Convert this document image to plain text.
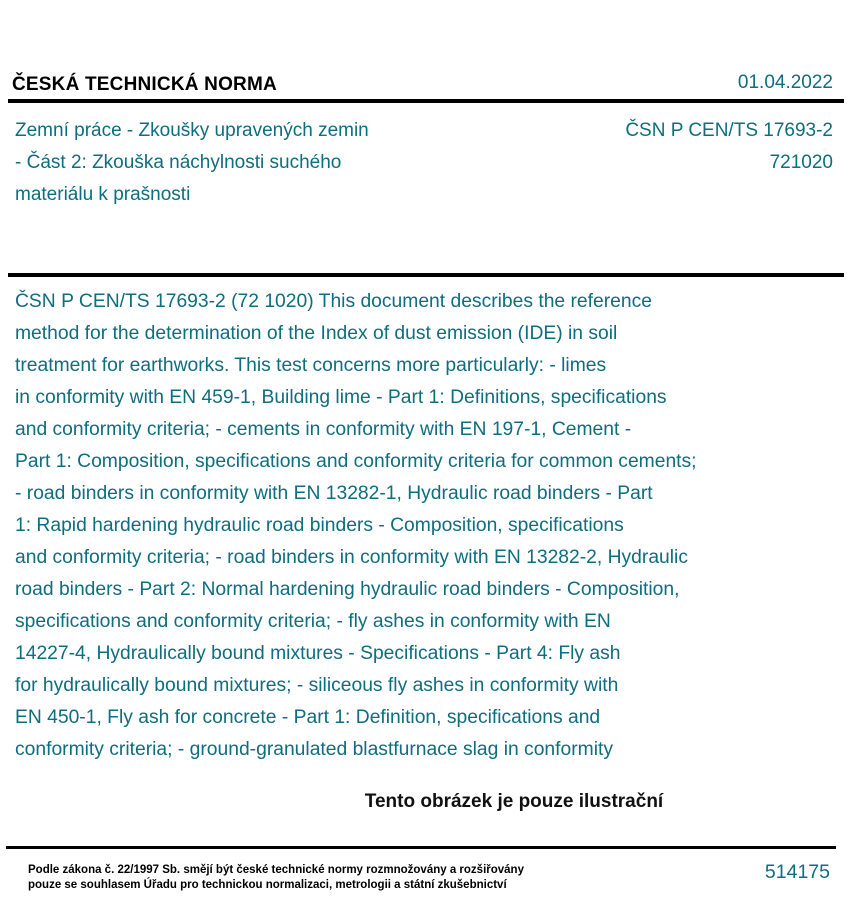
ČESKÁ TECHNICKÁ NORMA	01.04.2022
Zemní práce - Zkoušky upravených zemin
- Část 2: Zkouška náchylnosti suchého
materiálu k prašnosti
ČSN P CEN/TS 17693-2
721020
ČSN P CEN/TS 17693-2 (72 1020) This document describes the reference
method for the determination of the Index of dust emission (IDE) in soil
treatment for earthworks. This test concerns more particularly: - limes
in conformity with EN 459-1, Building lime - Part 1: Definitions, specifications
and conformity criteria; - cements in conformity with EN 197-1, Cement -
Part 1: Composition, specifications and conformity criteria for common cements;
- road binders in conformity with EN 13282-1, Hydraulic road binders - Part
1: Rapid hardening hydraulic road binders - Composition, specifications
and conformity criteria; - road binders in conformity with EN 13282-2, Hydraulic
road binders - Part 2: Normal hardening hydraulic road binders - Composition,
specifications and conformity criteria; - fly ashes in conformity with EN
14227-4, Hydraulically bound mixtures - Specifications - Part 4: Fly ash
for hydraulically bound mixtures; - siliceous fly ashes in conformity with
EN 450-1, Fly ash for concrete - Part 1: Definition, specifications and
conformity criteria; - ground-granulated blastfurnace slag in conformity
Tento obrázek je pouze ilustrační
Podle zákona č. 22/1997 Sb. smějí být české technické normy rozmnožovány a rozšiřovány
pouze se souhlasem Úřadu pro technickou normalizaci, metrologii a státní zkušebnictví
514175
